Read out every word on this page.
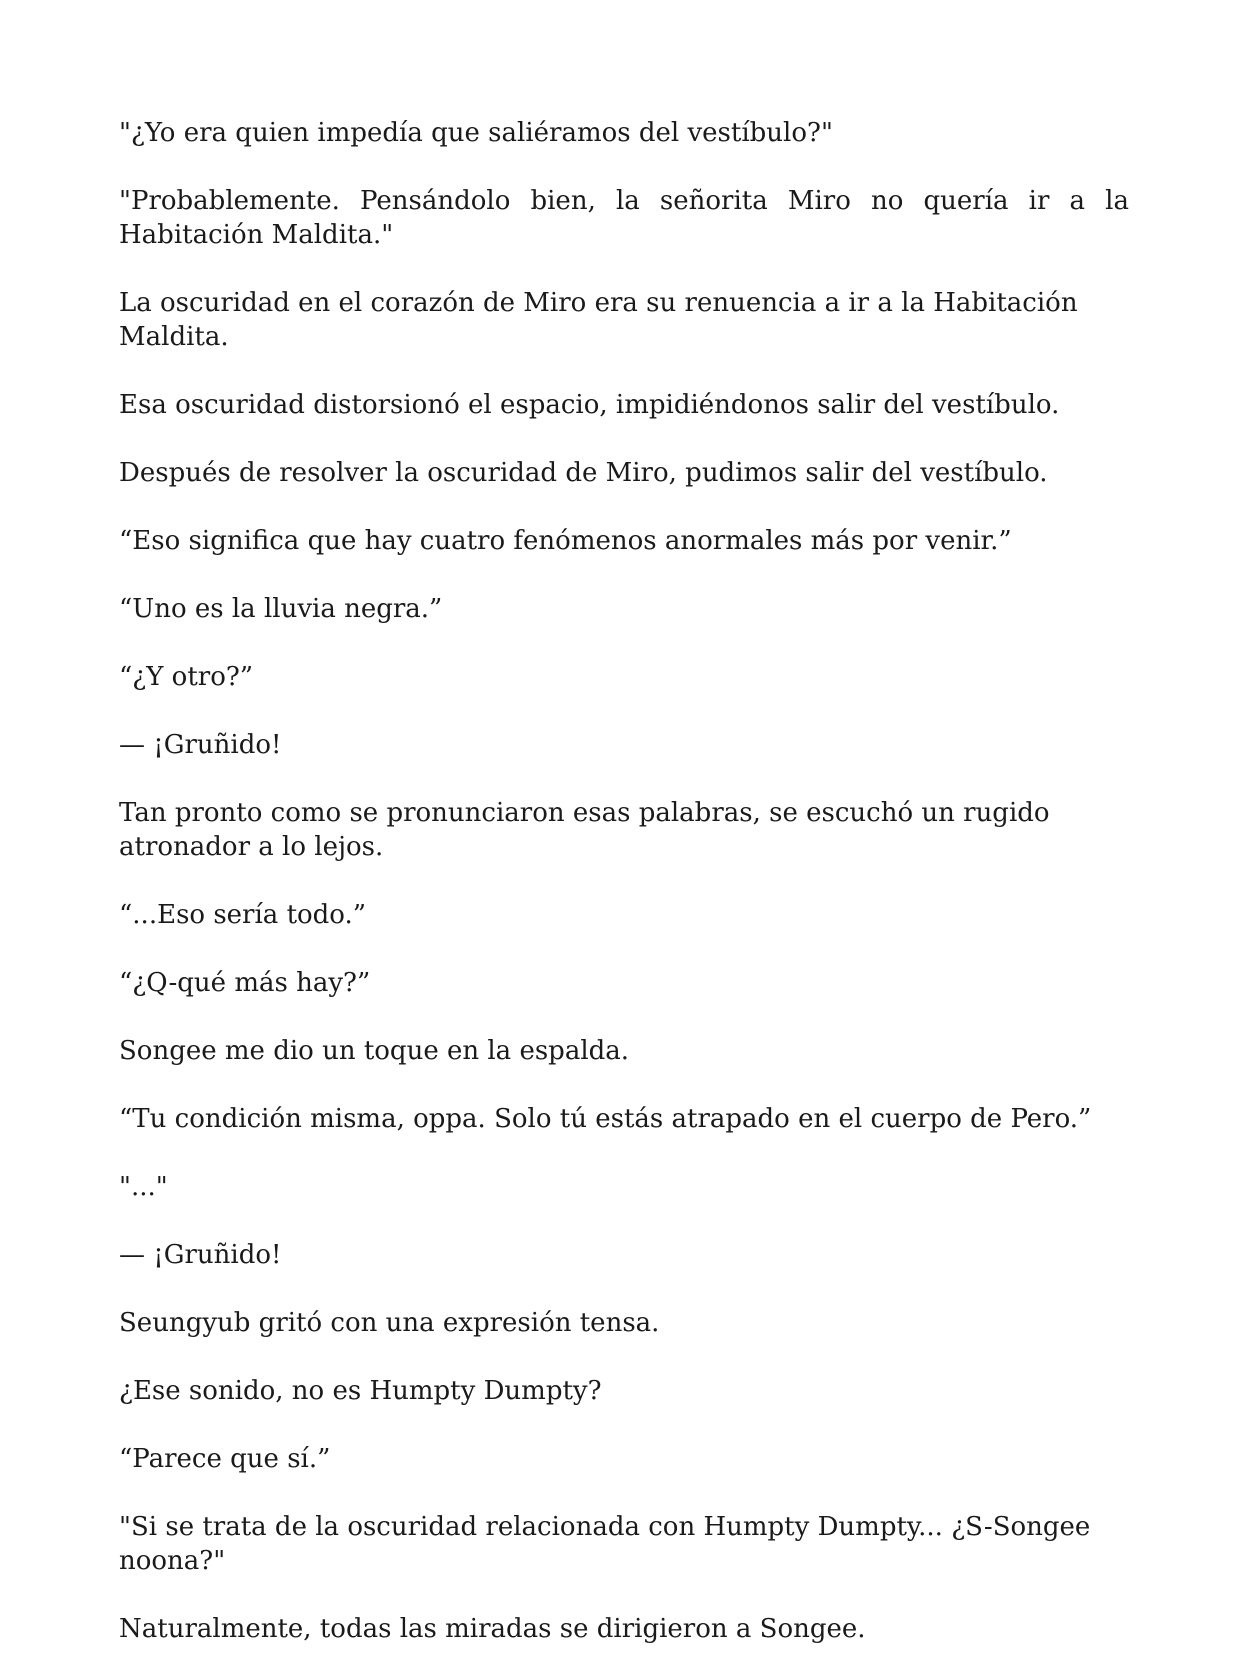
"¿Yo era quien impedía que saliéramos del vestíbulo?"

"Probablemente. Pensándolo bien, la señorita Miro no quería ir a la Habitación Maldita."

La oscuridad en el corazón de Miro era su renuencia a ir a la Habitación Maldita.

Esa oscuridad distorsionó el espacio, impidiéndonos salir del vestíbulo.

Después de resolver la oscuridad de Miro, pudimos salir del vestíbulo.

“Eso significa que hay cuatro fenómenos anormales más por venir.”

“Uno es la lluvia negra.”

“¿Y otro?”

— ¡Gruñido!

Tan pronto como se pronunciaron esas palabras, se escuchó un rugido atronador a lo lejos.

“...Eso sería todo.”

“¿Q-qué más hay?”

Songee me dio un toque en la espalda.

“Tu condición misma, oppa. Solo tú estás atrapado en el cuerpo de Pero.”

"..."

— ¡Gruñido!

Seungyub gritó con una expresión tensa.

¿Ese sonido, no es Humpty Dumpty?

“Parece que sí.”

"Si se trata de la oscuridad relacionada con Humpty Dumpty... ¿S-Songee noona?"

Naturalmente, todas las miradas se dirigieron a Songee.
